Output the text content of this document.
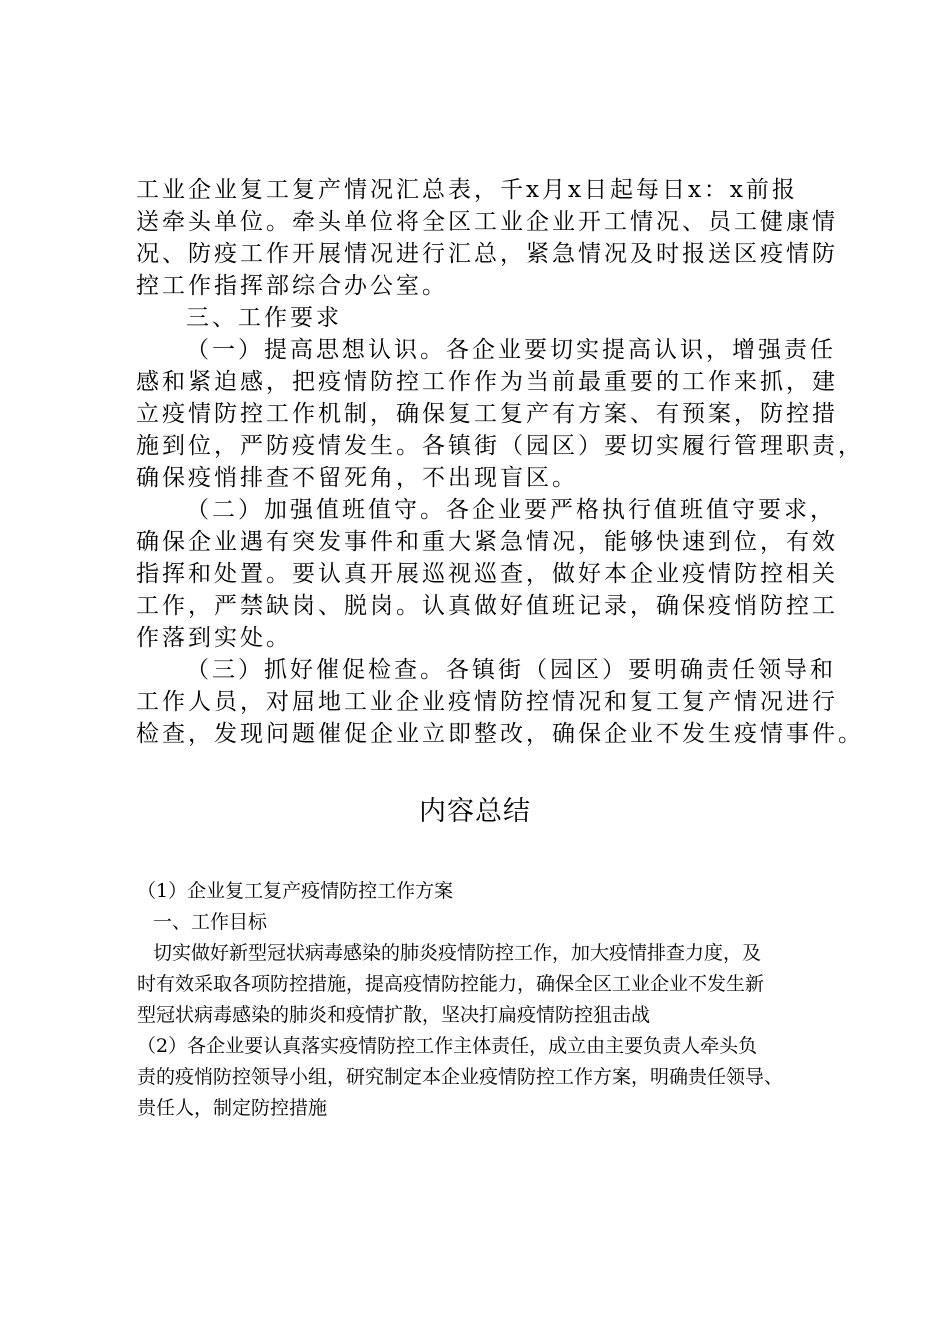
工业企业复工复产情况汇总表，千x月x日起每日x：x前报
送牵头单位。牵头单位将全区工业企业开工情况、员工健康情
况、防疫工作开展情况进行汇总，紧急情况及时报送区疫情防
控工作指挥部综合办公室。
三、工作要求
（一）提高思想认识。各企业要切实提高认识，增强责任
感和紧迫感，把疫情防控工作作为当前最重要的工作来抓，建
立疫情防控工作机制，确保复工复产有方案、有预案，防控措
施到位，严防疫情发生。各镇街（园区）要切实履行管理职责，
确保疫悄排查不留死角，不出现盲区。
（二）加强值班值守。各企业要严格执行值班值守要求，
确保企业遇有突发事件和重大紧急情况，能够快速到位，有效
指挥和处置。要认真开展巡视巡查，做好本企业疫情防控相关
工作，严禁缺岗、脱岗。认真做好值班记录，确保疫悄防控工
作落到实处。
（三）抓好催促检查。各镇街（园区）要明确责任领导和
工作人员，对屈地工业企业疫情防控情况和复工复产情况进行
检查，发现问题催促企业立即整改，确保企业不发生疫情事件。
内容总结
（1）企业复工复产疫情防控工作方案
一、工作目标
切实做好新型冠状病毒感染的肺炎疫情防控工作，加大疫情排查力度，及
时有效采取各项防控措施，提高疫情防控能力，确保全区工业企业不发生新
型冠状病毒感染的肺炎和疫情扩散，坚决打扁疫情防控狙击战
（2）各企业要认真落实疫情防控工作主体责任，成立由主要负责人牵头负
责的疫悄防控领导小组，研究制定本企业疫情防控工作方案，明确贵任领导、
贵任人，制定防控措施
